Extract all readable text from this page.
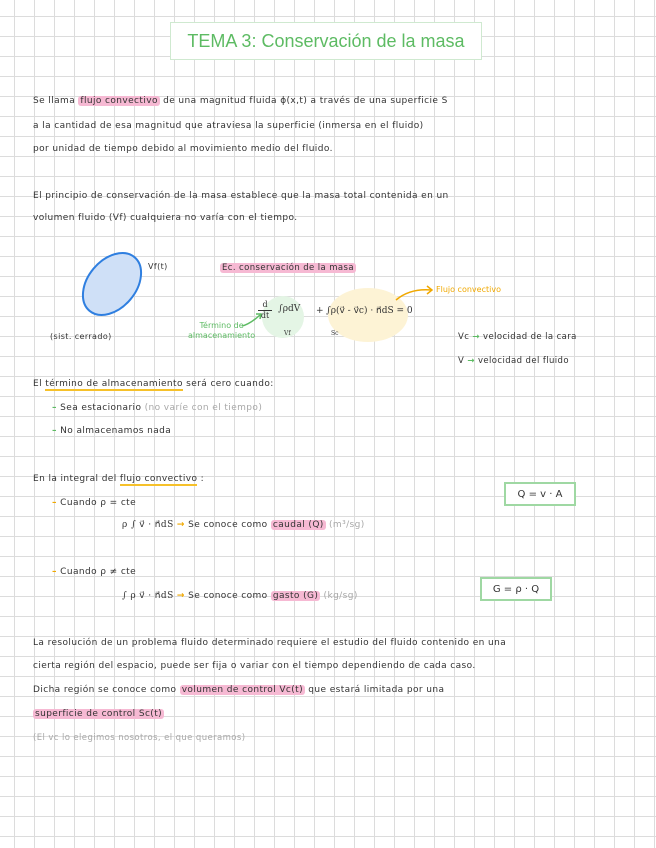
TEMA 3: Conservación de la masa
Se llama flujo convectivo de una magnitud fluida ɸ(x,t) a través de una superficie S
a la cantidad de esa magnitud que atraviesa la superficie (inmersa en el fluido)
por unidad de tiempo debido al movimiento medio del fluido.
El principio de conservación de la masa establece que la masa total contenida en un
volumen fluido (Vf) cualquiera no varía con el tiempo.
Vf(t)
(sist. cerrado)
Ec. conservación de la masa
$\frac{d}{dt} \int\rho dV$
Vf
+ ∫ρ(v⃗ - v⃗c) · n⃗dS = 0
Sc
Término de
almacenamiento
Flujo convectivo
Vc → velocidad de la cara
V → velocidad del fluido
El término de almacenamiento será cero cuando:
– Sea estacionario (no varíe con el tiempo)
– No almacenamos nada
En la integral del flujo convectivo :
– Cuando ρ = cte
Q = v · A
ρ ∫ v⃗ · n⃗dS → Se conoce como caudal (Q) (m³/sg)
– Cuando ρ ≠ cte
G = ρ · Q
∫ ρ v⃗ · n⃗dS → Se conoce como gasto (G) (kg/sg)
La resolución de un problema fluido determinado requiere el estudio del fluido contenido en una
cierta región del espacio, puede ser fija o variar con el tiempo dependiendo de cada caso.
Dicha región se conoce como volumen de control Vc(t) que estará limitada por una
superficie de control Sc(t)
(El vc lo elegimos nosotros, el que queramos)
